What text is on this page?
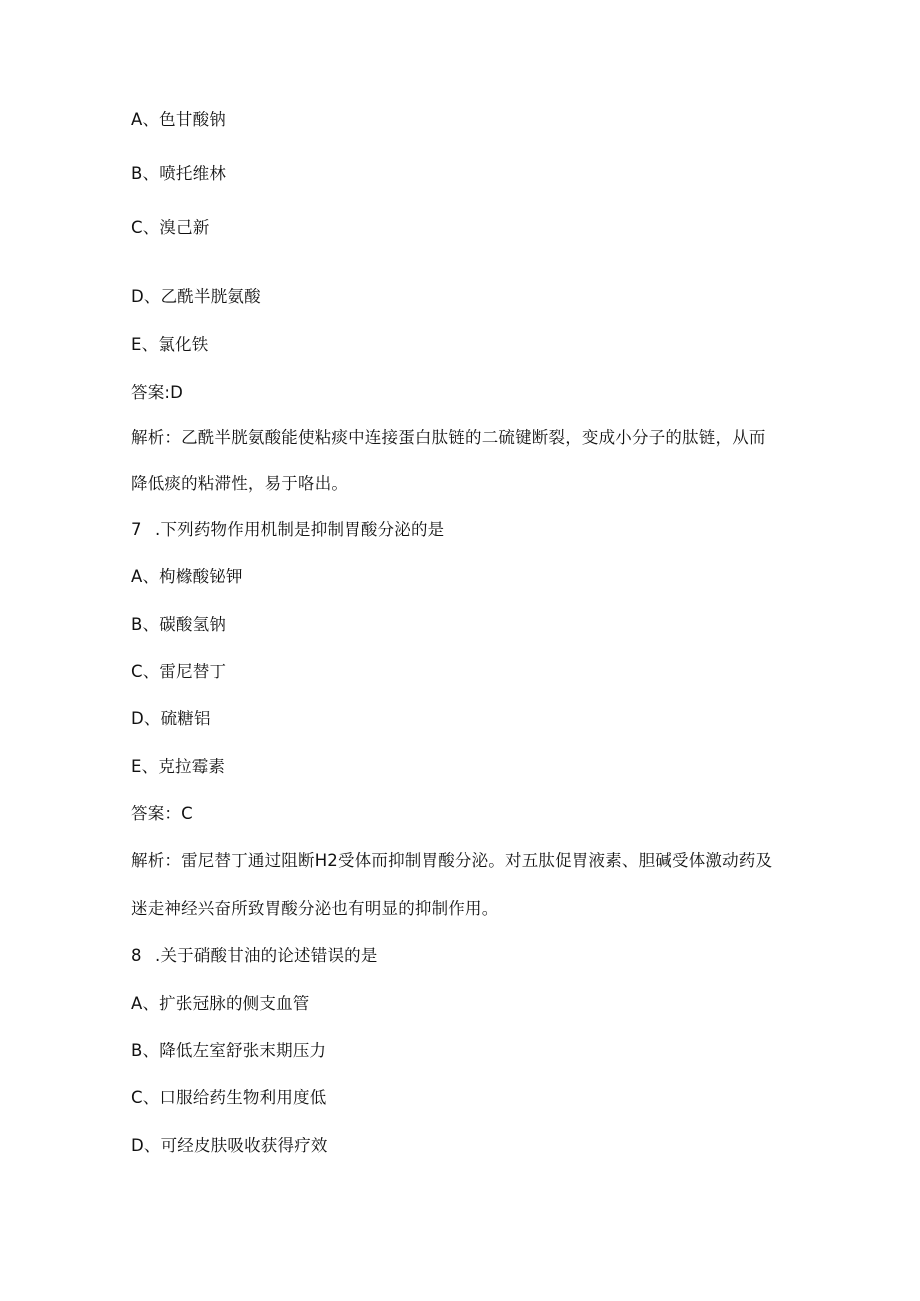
A、色甘酸钠
B、喷托维林
C、溴己新
D、乙酰半胱氨酸
E、氯化铁
答案:D
解析：乙酰半胱氨酸能使粘痰中连接蛋白肽链的二硫键断裂，变成小分子的肽链，从而
降低痰的粘滞性，易于咯出。
7 .下列药物作用机制是抑制胃酸分泌的是
A、枸橼酸铋钾
B、碳酸氢钠
C、雷尼替丁
D、硫糖铝
E、克拉霉素
答案：C
解析：雷尼替丁通过阻断H2受体而抑制胃酸分泌。对五肽促胃液素、胆碱受体激动药及
迷走神经兴奋所致胃酸分泌也有明显的抑制作用。
8 .关于硝酸甘油的论述错误的是
A、扩张冠脉的侧支血管
B、降低左室舒张末期压力
C、口服给药生物利用度低
D、可经皮肤吸收获得疗效
